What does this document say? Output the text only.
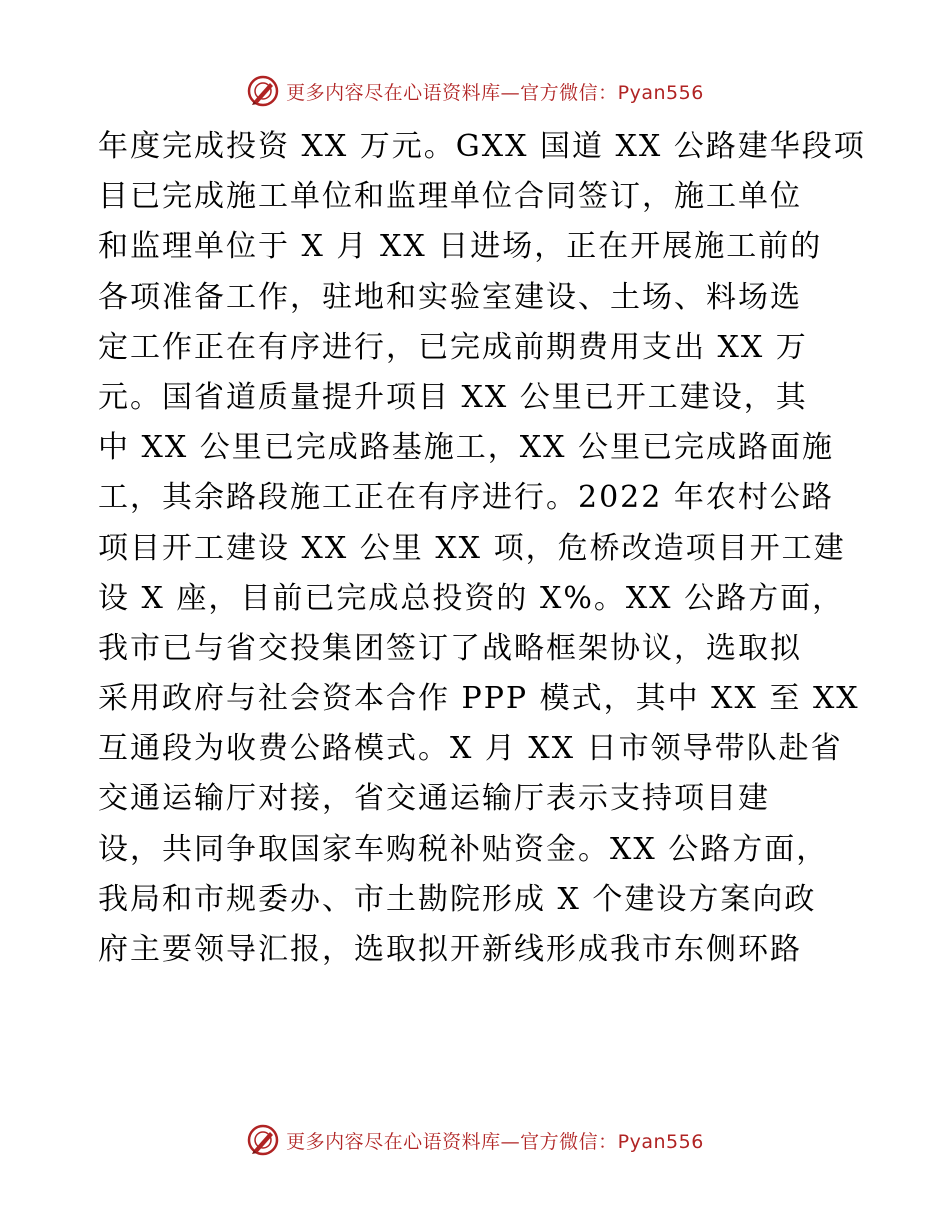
更多内容尽在心语资料库—官方微信：Pyan556
年度完成投资 XX 万元。GXX 国道 XX 公路建华段项
目已完成施工单位和监理单位合同签订，施工单位
和监理单位于 X 月 XX 日进场，正在开展施工前的
各项准备工作，驻地和实验室建设、土场、料场选
定工作正在有序进行，已完成前期费用支出 XX 万
元。国省道质量提升项目 XX 公里已开工建设，其
中 XX 公里已完成路基施工，XX 公里已完成路面施
工，其余路段施工正在有序进行。2022 年农村公路
项目开工建设 XX 公里 XX 项，危桥改造项目开工建
设 X 座，目前已完成总投资的 X%。XX 公路方面，
我市已与省交投集团签订了战略框架协议，选取拟
采用政府与社会资本合作 PPP 模式，其中 XX 至 XX
互通段为收费公路模式。X 月 XX 日市领导带队赴省
交通运输厅对接，省交通运输厅表示支持项目建
设，共同争取国家车购税补贴资金。XX 公路方面，
我局和市规委办、市土勘院形成 X 个建设方案向政
府主要领导汇报，选取拟开新线形成我市东侧环路
更多内容尽在心语资料库—官方微信：Pyan556
